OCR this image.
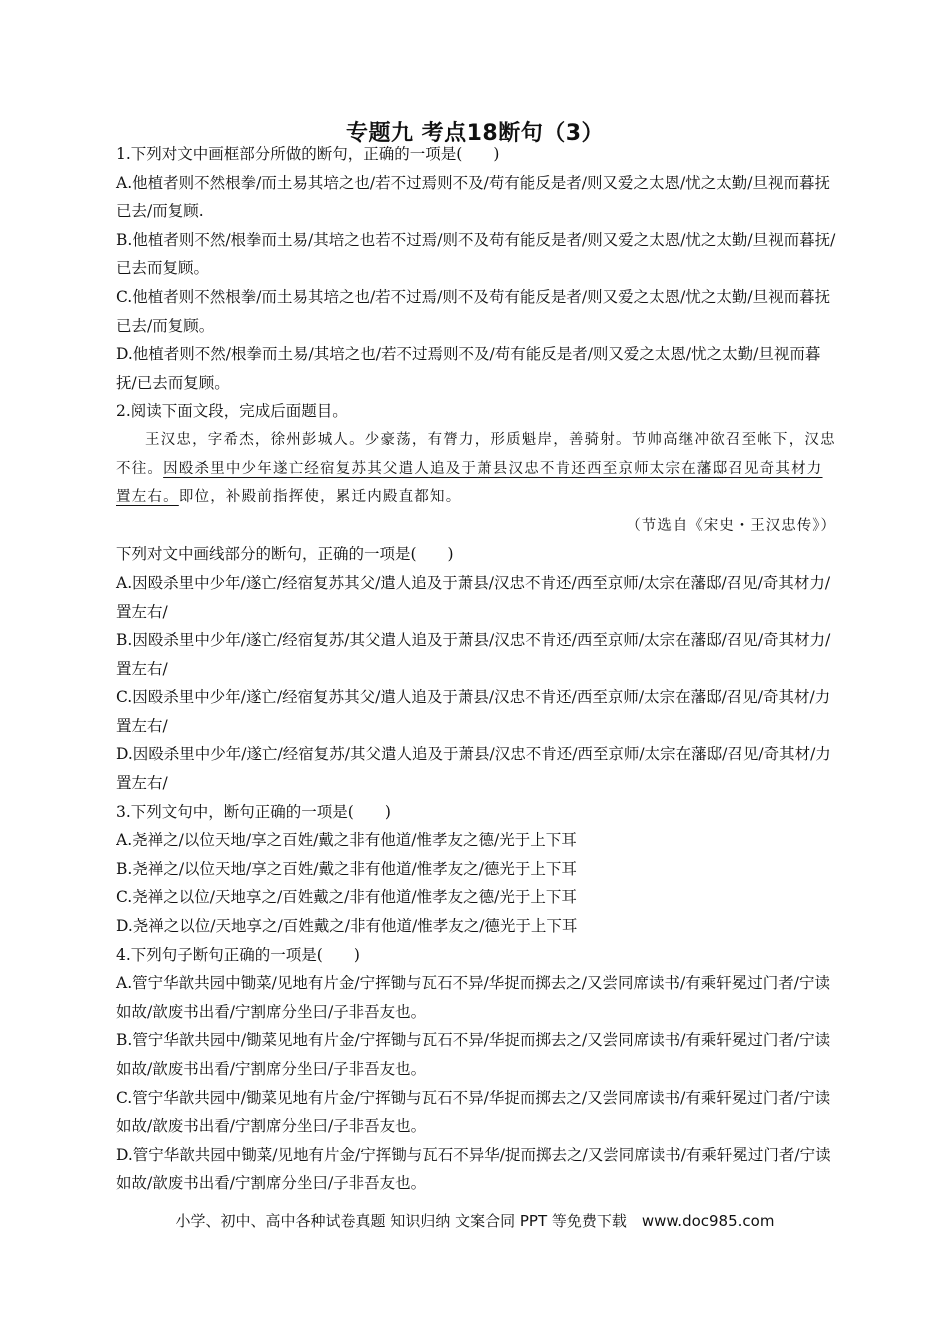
专题九 考点18断句（3）
1.下列对文中画框部分所做的断句，正确的一项是(　　)
A.他植者则不然根拳/而土易其培之也/若不过焉则不及/苟有能反是者/则又爱之太恩/忧之太勤/旦视而暮抚已去/而复顾.
B.他植者则不然/根拳而土易/其培之也若不过焉/则不及苟有能反是者/则又爱之太恩/忧之太勤/旦视而暮抚/已去而复顾。
C.他植者则不然根拳/而土易其培之也/若不过焉/则不及苟有能反是者/则又爱之太恩/忧之太勤/旦视而暮抚已去/而复顾。
D.他植者则不然/根拳而土易/其培之也/若不过焉则不及/苟有能反是者/则又爱之太恩/忧之太勤/旦视而暮抚/已去而复顾。
2.阅读下面文段，完成后面题目。
王汉忠，字希杰，徐州彭城人。少豪荡，有膂力，形质魁岸，善骑射。节帅高继冲欲召至帐下，汉忠不往。因殴杀里中少年遂亡经宿复苏其父遣人追及于萧县汉忠不肯还西至京师太宗在藩邸召见奇其材力置左右。即位，补殿前指挥使，累迁内殿直都知。
（节选自《宋史・王汉忠传》）
下列对文中画线部分的断句，正确的一项是(　　)
A.因殴杀里中少年/遂亡/经宿复苏其父/遣人追及于萧县/汉忠不肯还/西至京师/太宗在藩邸/召见/奇其材力/置左右/
B.因殴杀里中少年/遂亡/经宿复苏/其父遣人追及于萧县/汉忠不肯还/西至京师/太宗在藩邸/召见/奇其材力/置左右/
C.因殴杀里中少年/遂亡/经宿复苏其父/遣人追及于萧县/汉忠不肯还/西至京师/太宗在藩邸/召见/奇其材/力置左右/
D.因殴杀里中少年/遂亡/经宿复苏/其父遣人追及于萧县/汉忠不肯还/西至京师/太宗在藩邸/召见/奇其材/力置左右/
3.下列文句中，断句正确的一项是(　　)
A.尧禅之/以位天地/享之百姓/戴之非有他道/惟孝友之德/光于上下耳
B.尧禅之/以位天地/享之百姓/戴之非有他道/惟孝友之/德光于上下耳
C.尧禅之以位/天地享之/百姓戴之/非有他道/惟孝友之德/光于上下耳
D.尧禅之以位/天地享之/百姓戴之/非有他道/惟孝友之/德光于上下耳
4.下列句子断句正确的一项是(　　)
A.管宁华歆共园中锄菜/见地有片金/宁挥锄与瓦石不异/华捉而掷去之/又尝同席读书/有乘轩冕过门者/宁读如故/歆废书出看/宁割席分坐曰/子非吾友也。
B.管宁华歆共园中/锄菜见地有片金/宁挥锄与瓦石不异/华捉而掷去之/又尝同席读书/有乘轩冕过门者/宁读如故/歆废书出看/宁割席分坐曰/子非吾友也。
C.管宁华歆共园中/锄菜见地有片金/宁挥锄与瓦石不异/华捉而掷去之/又尝同席读书/有乘轩冕过门者/宁读如故/歆废书出看/宁割席分坐曰/子非吾友也。
D.管宁华歆共园中锄菜/见地有片金/宁挥锄与瓦石不异华/捉而掷去之/又尝同席读书/有乘轩冕过门者/宁读如故/歆废书出看/宁割席分坐曰/子非吾友也。
小学、初中、高中各种试卷真题 知识归纳 文案合同 PPT 等免费下载　www.doc985.com
